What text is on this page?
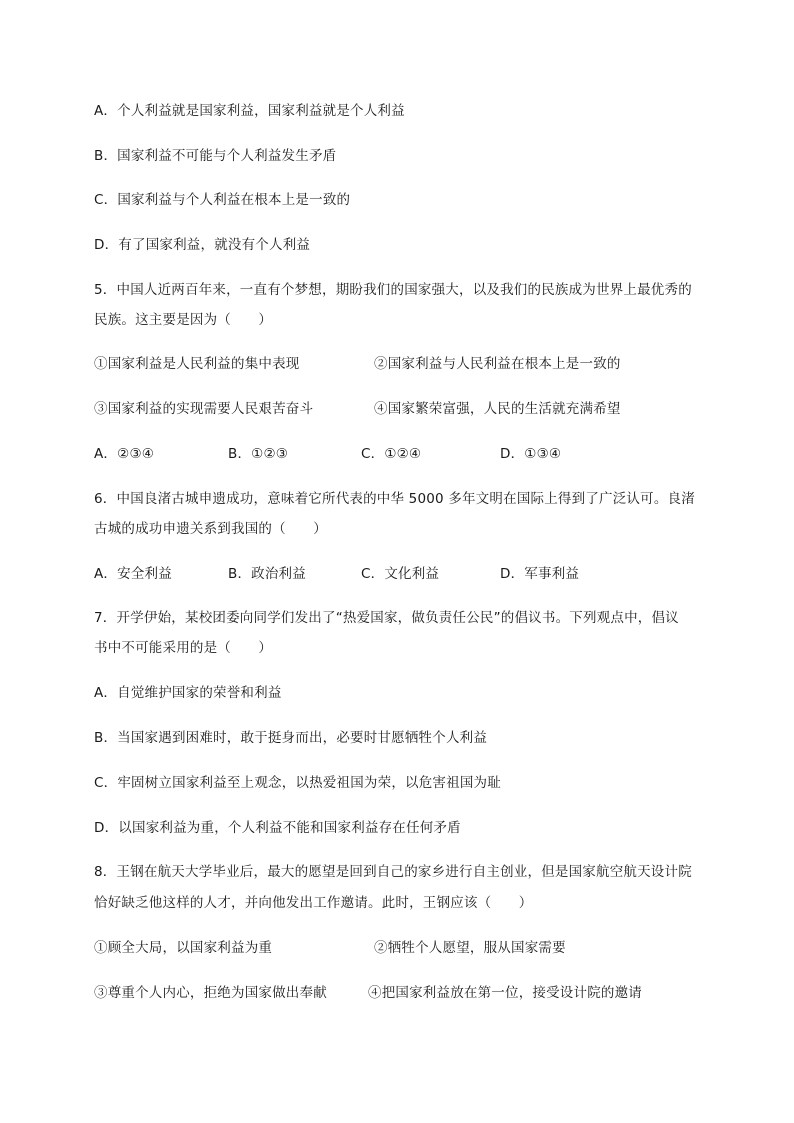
A．个人利益就是国家利益，国家利益就是个人利益
B．国家利益不可能与个人利益发生矛盾
C．国家利益与个人利益在根本上是一致的
D．有了国家利益，就没有个人利益
5．中国人近两百年来，一直有个梦想，期盼我们的国家强大，以及我们的民族成为世界上最优秀的
民族。这主要是因为（　　）
①国家利益是人民利益的集中表现	②国家利益与人民利益在根本上是一致的
③国家利益的实现需要人民艰苦奋斗	④国家繁荣富强，人民的生活就充满希望
A．②③④	B．①②③	C．①②④	D．①③④
6．中国良渚古城申遗成功，意味着它所代表的中华 5000 多年文明在国际上得到了广泛认可。良渚
古城的成功申遗关系到我国的（　　）
A．安全利益	B．政治利益	C．文化利益	D．军事利益
7．开学伊始，某校团委向同学们发出了“热爱国家，做负责任公民”的倡议书。下列观点中，倡议
书中不可能采用的是（　　）
A．自觉维护国家的荣誉和利益
B．当国家遇到困难时，敢于挺身而出，必要时甘愿牺牲个人利益
C．牢固树立国家利益至上观念，以热爱祖国为荣，以危害祖国为耻
D．以国家利益为重，个人利益不能和国家利益存在任何矛盾
8．王钢在航天大学毕业后，最大的愿望是回到自己的家乡进行自主创业，但是国家航空航天设计院
恰好缺乏他这样的人才，并向他发出工作邀请。此时，王钢应该（　　）
①顾全大局，以国家利益为重	②牺牲个人愿望，服从国家需要
③尊重个人内心，拒绝为国家做出奉献	④把国家利益放在第一位，接受设计院的邀请
